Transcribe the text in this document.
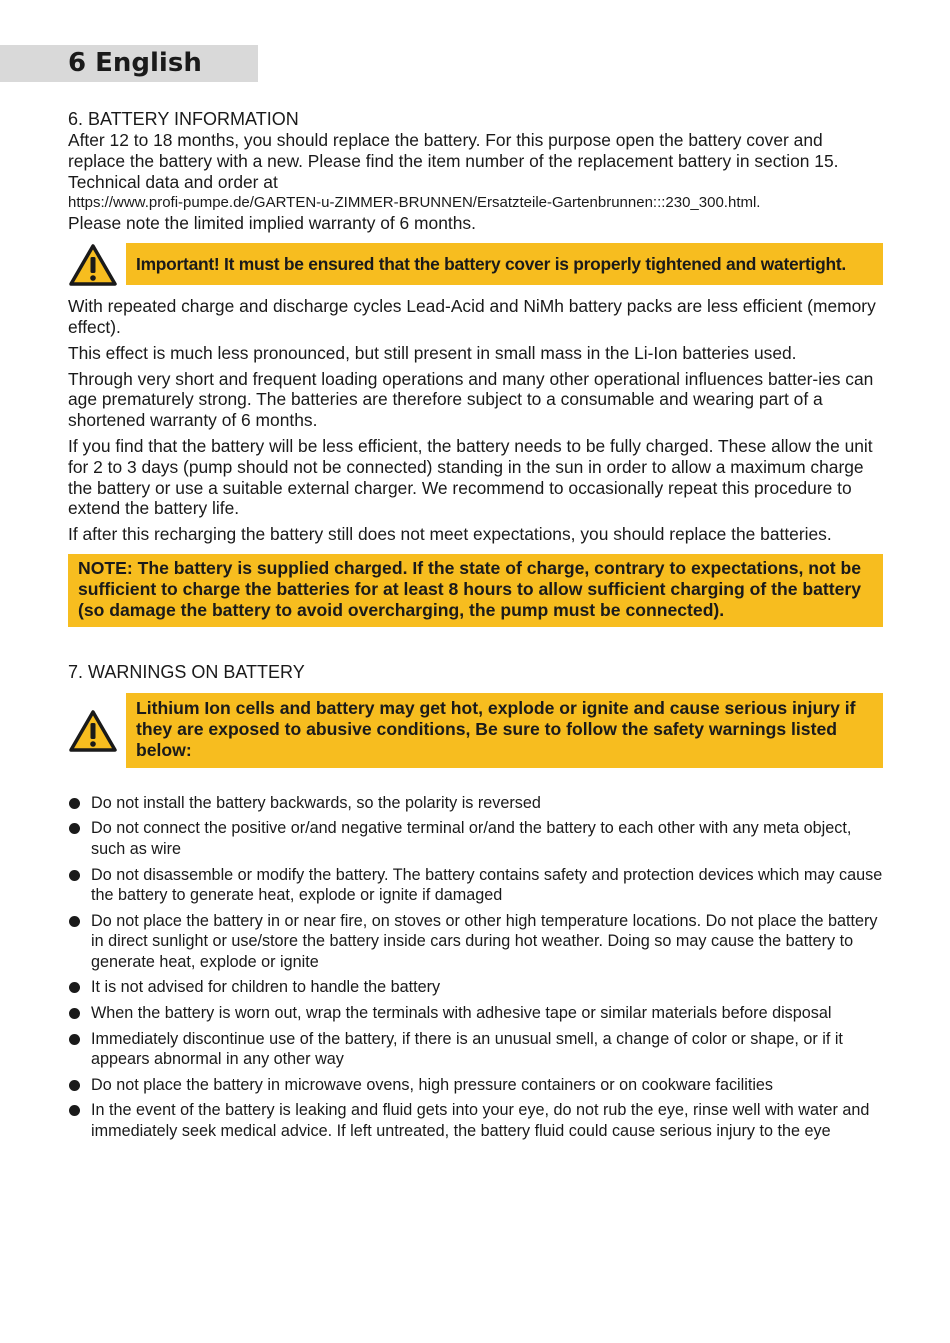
6 English
6. BATTERY INFORMATION

After 12 to 18 months, you should replace the battery. For this purpose open the battery cover and replace the battery with a new. Please find the item number of the replacement battery in section 15. Technical data and order at
https://www.profi-pumpe.de/GARTEN-u-ZIMMER-BRUNNEN/Ersatzteile-Gartenbrunnen:::230_300.html.
Please note the limited implied warranty of 6 months.

Important! It must be ensured that the battery cover is properly tightened and watertight.

With repeated charge and discharge cycles Lead-Acid and NiMh battery packs are less efficient (memory effect).

This effect is much less pronounced, but still present in small mass in the Li-Ion batteries used.

Through very short and frequent loading operations and many other operational influences batter-ies can age prematurely strong. The batteries are therefore subject to a consumable and wearing part of a shortened warranty of 6 months.

If you find that the battery will be less efficient, the battery needs to be fully charged. These allow the unit for 2 to 3 days (pump should not be connected) standing in the sun in order to allow a maximum charge the battery or use a suitable external charger. We recommend to occasionally repeat this procedure to extend the battery life.

If after this recharging the battery still does not meet expectations, you should replace the batteries.

NOTE: The battery is supplied charged. If the state of charge, contrary to expectations, not be sufficient to charge the batteries for at least 8 hours to allow sufficient charging of the battery (so damage the battery to avoid overcharging, the pump must be connected).
7. WARNINGS ON BATTERY
Lithium Ion cells and battery may get hot, explode or ignite and cause serious injury if they are exposed to abusive conditions, Be sure to follow the safety warnings listed below:
Do not install the battery backwards, so the polarity is reversed
Do not connect the positive or/and negative terminal or/and the battery to each other with any meta object, such as wire
Do not disassemble or modify the battery. The battery contains safety and protection devices which may cause the battery to generate heat, explode or ignite if damaged
Do not place the battery in or near fire, on stoves or other high temperature locations. Do not place the battery in direct sunlight or use/store the battery inside cars during hot weather. Doing so may cause the battery to generate heat, explode or ignite
It is not advised for children to handle the battery
When the battery is worn out, wrap the terminals with adhesive tape or similar materials before disposal
Immediately discontinue use of the battery, if there is an unusual smell, a change of color or shape, or if it appears abnormal in any other way
Do not place the battery in microwave ovens, high pressure containers or on cookware facilities
In the event of the battery is leaking and fluid gets into your eye, do not rub the eye, rinse well with water and immediately seek medical advice. If left untreated, the battery fluid could cause serious injury to the eye
